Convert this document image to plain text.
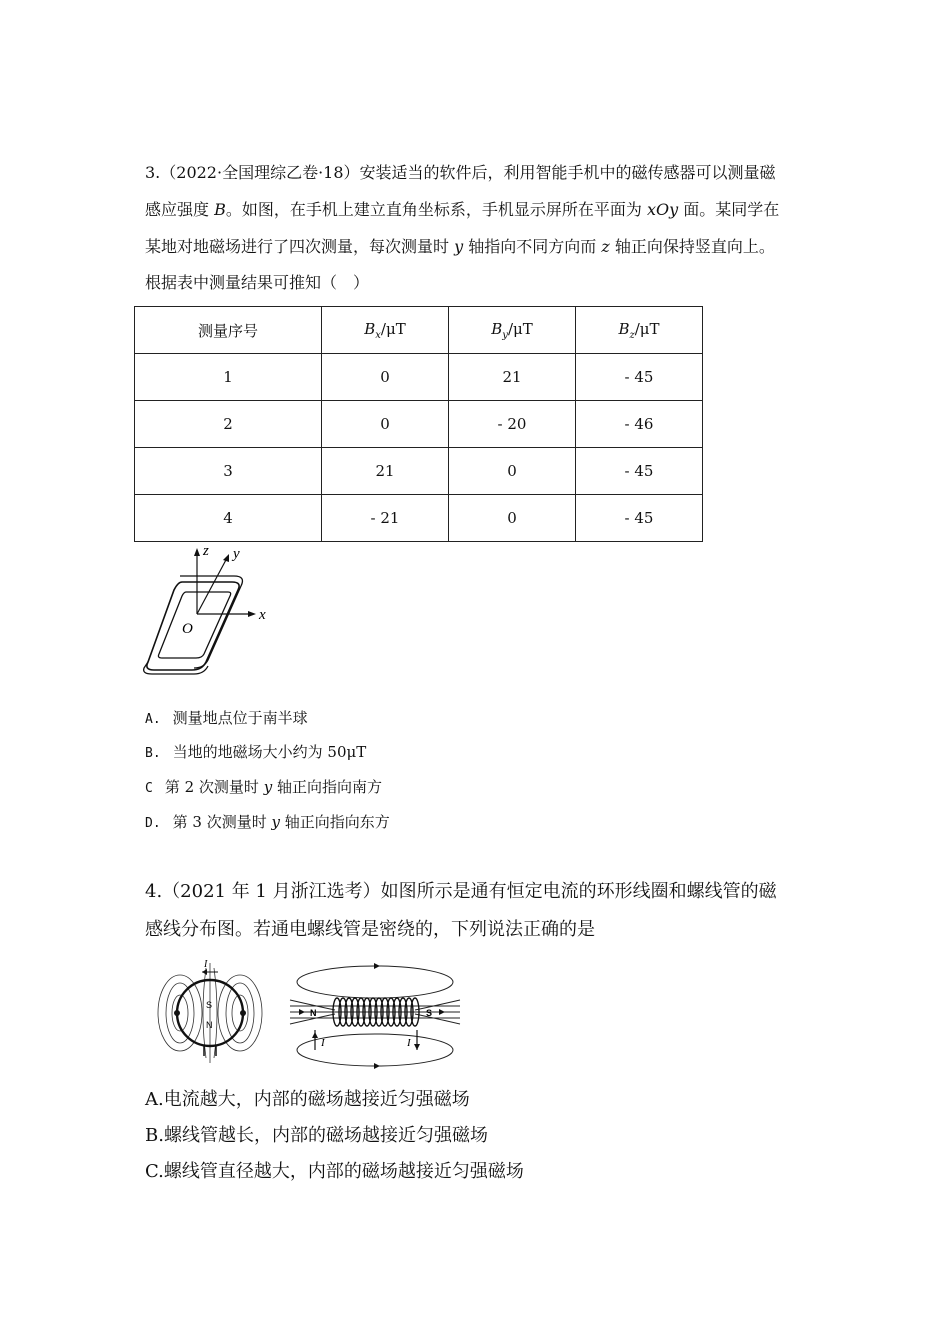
3.（2022·全国理综乙卷·18）安装适当的软件后，利用智能手机中的磁传感器可以测量磁
感应强度 B。如图，在手机上建立直角坐标系，手机显示屏所在平面为 xOy 面。某同学在
某地对地磁场进行了四次测量，每次测量时 y 轴指向不同方向而 z 轴正向保持竖直向上。
根据表中测量结果可推知（　）
测量序号	$B_x/\mu T$	$B_y/\mu T$	$B_z/\mu T$
1	0	21	- 45
2	0	- 20	- 46
3	21	0	- 45
4	- 21	0	- 45
z y
x
O
A. 测量地点位于南半球
B. 当地的地磁场大小约为 50μT
C 第 2 次测量时 y 轴正向指向南方
D. 第 3 次测量时 y 轴正向指向东方
4.（2021 年 1 月浙江选考）如图所示是通有恒定电流的环形线圈和螺线管的磁
感线分布图。若通电螺线管是密绕的，下列说法正确的是
I
S
N
N	S
I	I
A.电流越大，内部的磁场越接近匀强磁场
B.螺线管越长，内部的磁场越接近匀强磁场
C.螺线管直径越大，内部的磁场越接近匀强磁场
